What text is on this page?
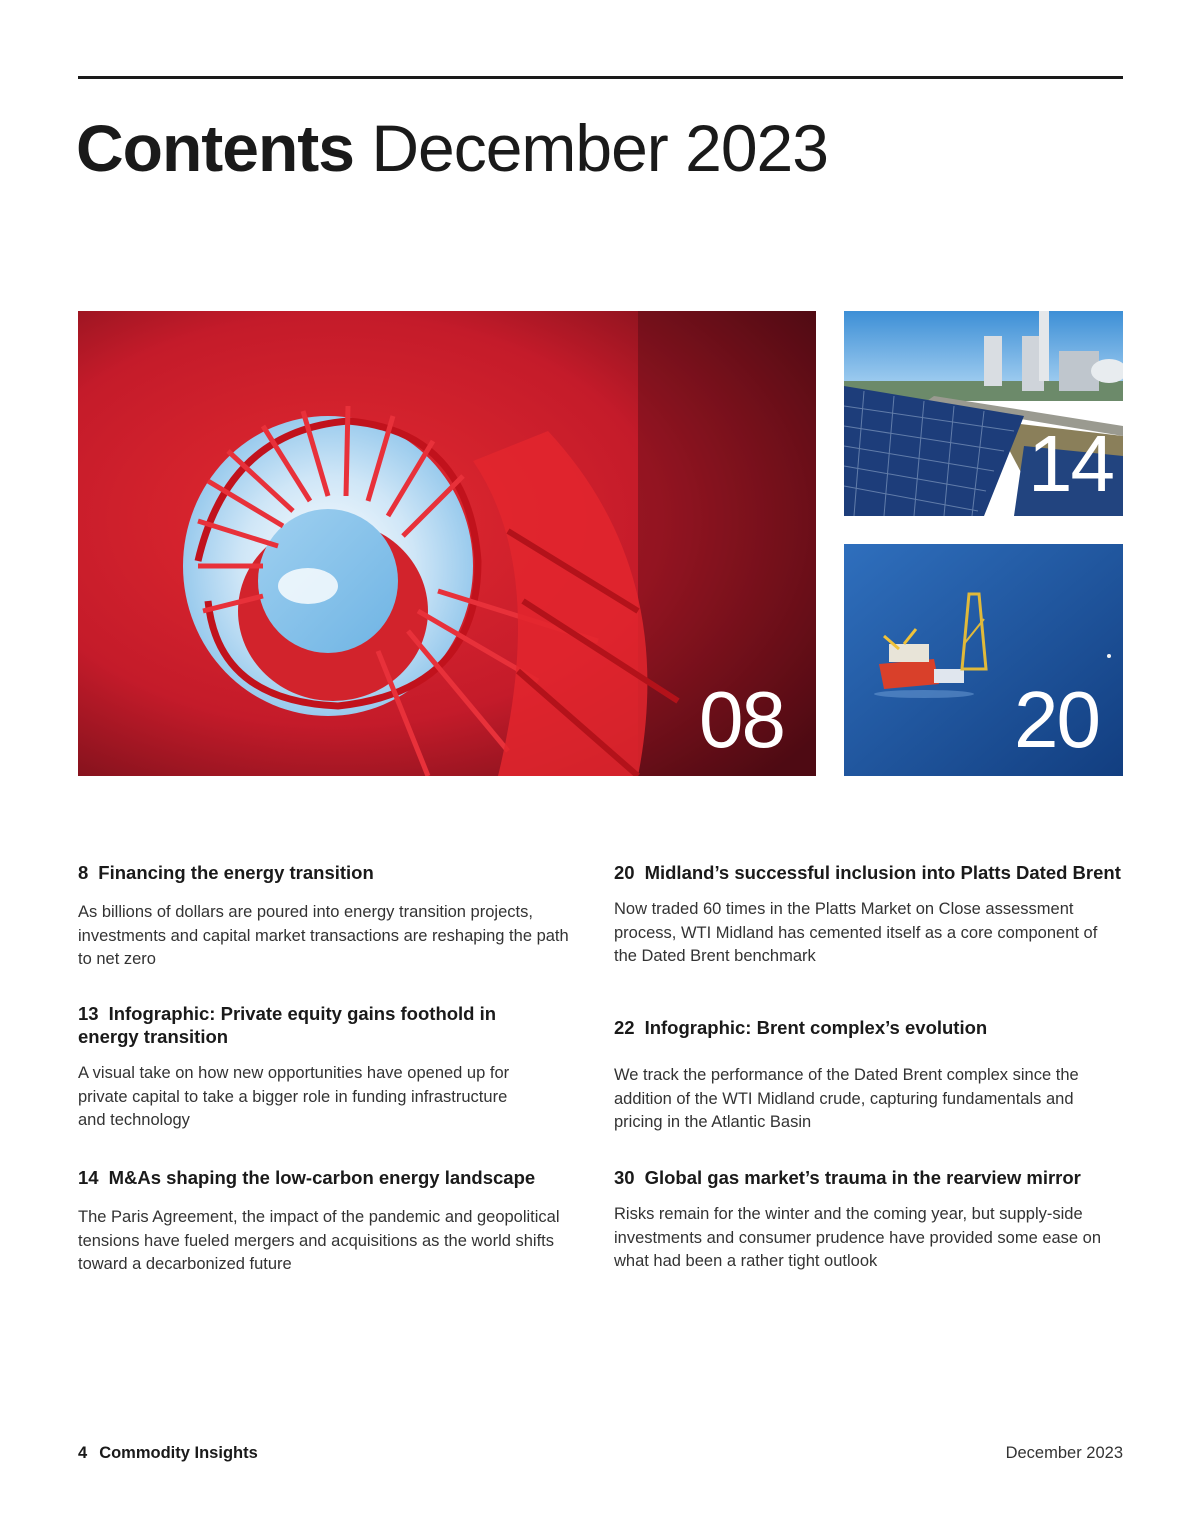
Contents December 2023
08
14
20
8 Financing the energy transition

As billions of dollars are poured into energy transition projects, investments and capital market transactions are reshaping the path to net zero

13 Infographic: Private equity gains foothold in energy transition

A visual take on how new opportunities have opened up for private capital to take a bigger role in funding infrastructure and technology

14 M&As shaping the low-carbon energy landscape

The Paris Agreement, the impact of the pandemic and geopolitical tensions have fueled mergers and acquisitions as the world shifts toward a decarbonized future

20 Midland’s successful inclusion into Platts Dated Brent

Now traded 60 times in the Platts Market on Close assessment process, WTI Midland has cemented itself as a core component of the Dated Brent benchmark

22 Infographic: Brent complex’s evolution

We track the performance of the Dated Brent complex since the addition of the WTI Midland crude, capturing fundamentals and pricing in the Atlantic Basin

30 Global gas market’s trauma in the rearview mirror

Risks remain for the winter and the coming year, but supply-side investments and consumer prudence have provided some ease on what had been a rather tight outlook

4 Commodity Insights	December 2023
